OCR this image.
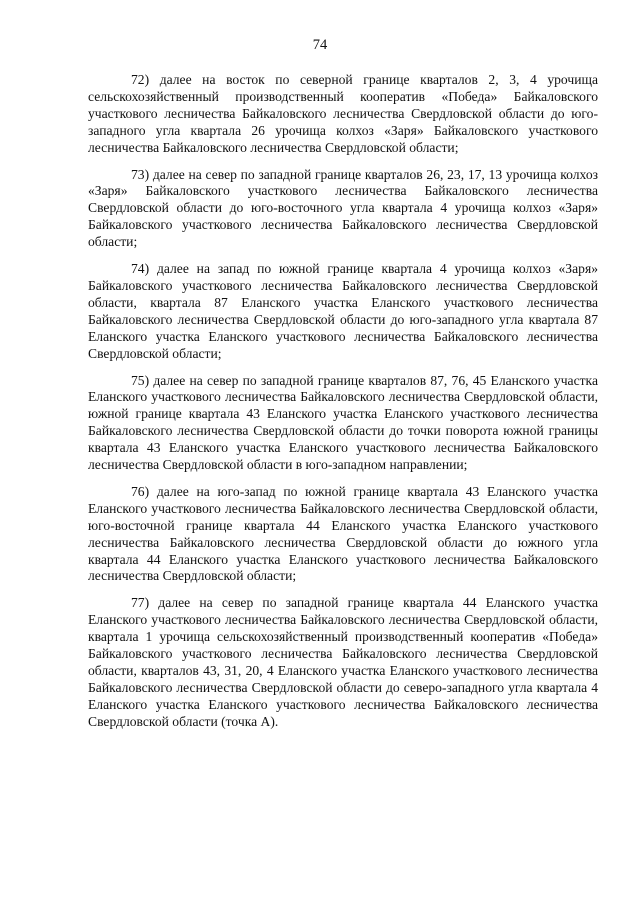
74

72) далее на восток по северной границе кварталов 2, 3, 4 урочища сельскохозяйственный производственный кооператив «Победа» Байкаловского участкового лесничества Байкаловского лесничества Свердловской области до юго-западного угла квартала 26 урочища колхоз «Заря» Байкаловского участкового лесничества Байкаловского лесничества Свердловской области;

73) далее на север по западной границе кварталов 26, 23, 17, 13 урочища колхоз «Заря» Байкаловского участкового лесничества Байкаловского лесничества Свердловской области до юго-восточного угла квартала 4 урочища колхоз «Заря» Байкаловского участкового лесничества Байкаловского лесничества Свердловской области;

74) далее на запад по южной границе квартала 4 урочища колхоз «Заря» Байкаловского участкового лесничества Байкаловского лесничества Свердловской области, квартала 87 Еланского участка Еланского участкового лесничества Байкаловского лесничества Свердловской области до юго-западного угла квартала 87 Еланского участка Еланского участкового лесничества Байкаловского лесничества Свердловской области;

75) далее на север по западной границе кварталов 87, 76, 45 Еланского участка Еланского участкового лесничества Байкаловского лесничества Свердловской области, южной границе квартала 43 Еланского участка Еланского участкового лесничества Байкаловского лесничества Свердловской области до точки поворота южной границы квартала 43 Еланского участка Еланского участкового лесничества Байкаловского лесничества Свердловской области в юго-западном направлении;

76) далее на юго-запад по южной границе квартала 43 Еланского участка Еланского участкового лесничества Байкаловского лесничества Свердловской области, юго-восточной границе квартала 44 Еланского участка Еланского участкового лесничества Байкаловского лесничества Свердловской области до южного угла квартала 44 Еланского участка Еланского участкового лесничества Байкаловского лесничества Свердловской области;

77) далее на север по западной границе квартала 44 Еланского участка Еланского участкового лесничества Байкаловского лесничества Свердловской области, квартала 1 урочища сельскохозяйственный производственный кооператив «Победа» Байкаловского участкового лесничества Байкаловского лесничества Свердловской области, кварталов 43, 31, 20, 4 Еланского участка Еланского участкового лесничества Байкаловского лесничества Свердловской области до северо-западного угла квартала 4 Еланского участка Еланского участкового лесничества Байкаловского лесничества Свердловской области (точка А).
